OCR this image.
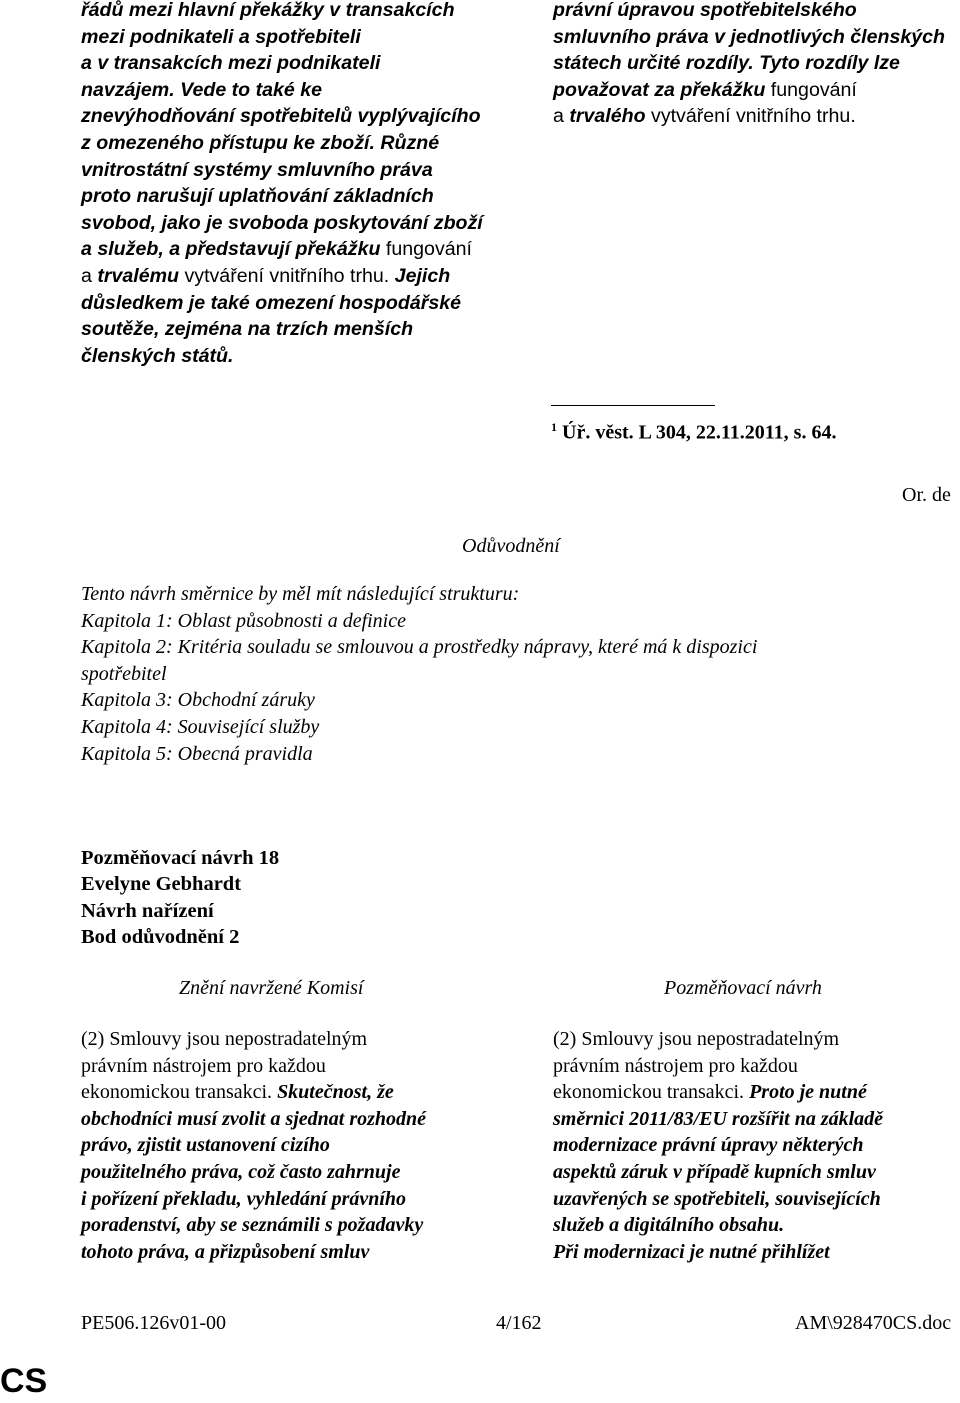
řádů mezi hlavní překážky v transakcích
mezi podnikateli a spotřebiteli
a v transakcích mezi podnikateli
navzájem. Vede to také ke
znevýhodňování spotřebitelů vyplývajícího
z omezeného přístupu ke zboží. Různé
vnitrostátní systémy smluvního práva
proto narušují uplatňování základních
svobod, jako je svoboda poskytování zboží
a služeb, a představují překážku fungování
a trvalému vytváření vnitřního trhu. Jejich
důsledkem je také omezení hospodářské
soutěže, zejména na trzích menších
členských států.
právní úpravou spotřebitelského
smluvního práva v jednotlivých členských
státech určité rozdíly. Tyto rozdíly lze
považovat za překážku fungování
a trvalého vytváření vnitřního trhu.
$^1$ Úř. věst. L 304, 22.11.2011, s. 64.
Or. de
Odůvodnění
Tento návrh směrnice by měl mít následující strukturu:
Kapitola 1: Oblast působnosti a definice
Kapitola 2: Kritéria souladu se smlouvou a prostředky nápravy, které má k dispozici
spotřebitel
Kapitola 3: Obchodní záruky
Kapitola 4: Související služby
Kapitola 5: Obecná pravidla
Pozměňovací návrh 18
Evelyne Gebhardt
Návrh nařízení
Bod odůvodnění 2
Znění navržené Komisí	Pozměňovací návrh
(2) Smlouvy jsou nepostradatelným
právním nástrojem pro každou
ekonomickou transakci. Skutečnost, že
obchodníci musí zvolit a sjednat rozhodné
právo, zjistit ustanovení cizího
použitelného práva, což často zahrnuje
i pořízení překladu, vyhledání právního
poradenství, aby se seznámili s požadavky
tohoto práva, a přizpůsobení smluv
(2) Smlouvy jsou nepostradatelným
právním nástrojem pro každou
ekonomickou transakci. Proto je nutné
směrnici 2011/83/EU rozšířit na základě
modernizace právní úpravy některých
aspektů záruk v případě kupních smluv
uzavřených se spotřebiteli, souvisejících
služeb a digitálního obsahu.
Při modernizaci je nutné přihlížet
PE506.126v01-00	4/162	AM\928470CS.doc
CS
